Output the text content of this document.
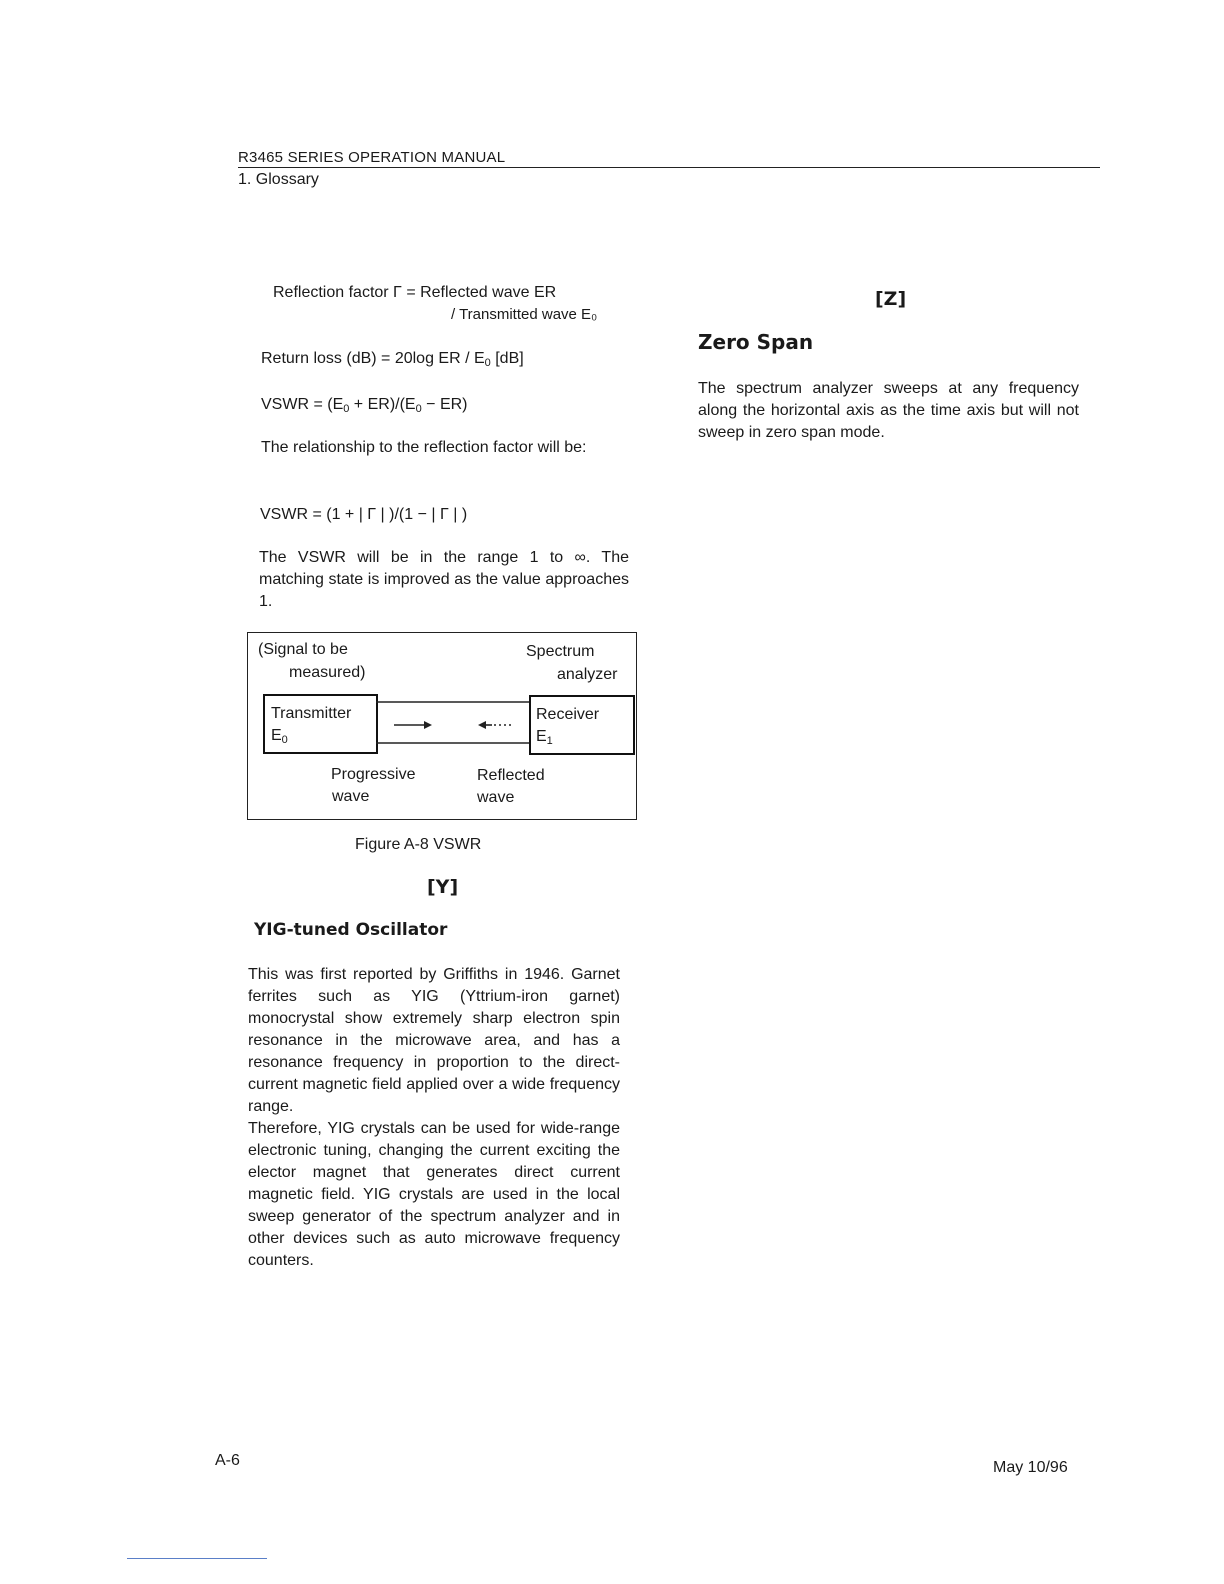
R3465 SERIES OPERATION MANUAL
1. Glossary
Reflection factor Γ = Reflected wave ER
/ Transmitted wave E₀
Return loss (dB) = 20log ER / $E_0$ [dB]
VSWR = $(E_0 + ER)/(E_0 - ER)$
The relationship to the reflection factor will be:
VSWR = (1 + | Γ | )/(1 − | Γ | )
The VSWR will be in the range 1 to ∞. The matching state is improved as the value approaches 1.
(Signal to be
measured)
Spectrum
analyzer
Transmitter
$E_0$
Receiver
$E_1$
Progressive
wave
Reflected
wave
Figure A-8 VSWR
[Y]
YIG-tuned Oscillator
This was first reported by Griffiths in 1946. Garnet ferrites such as YIG (Yttrium-iron garnet) monocrystal show extremely sharp electron spin resonance in the microwave area, and has a resonance frequency in proportion to the direct-current magnetic field applied over a wide frequency range.
Therefore, YIG crystals can be used for wide-range electronic tuning, changing the current exciting the elector magnet that generates direct current magnetic field. YIG crystals are used in the local sweep generator of the spectrum analyzer and in other devices such as auto microwave frequency counters.
[Z]
Zero Span
The spectrum analyzer sweeps at any frequency along the horizontal axis as the time axis but will not sweep in zero span mode.
A-6	May 10/96
